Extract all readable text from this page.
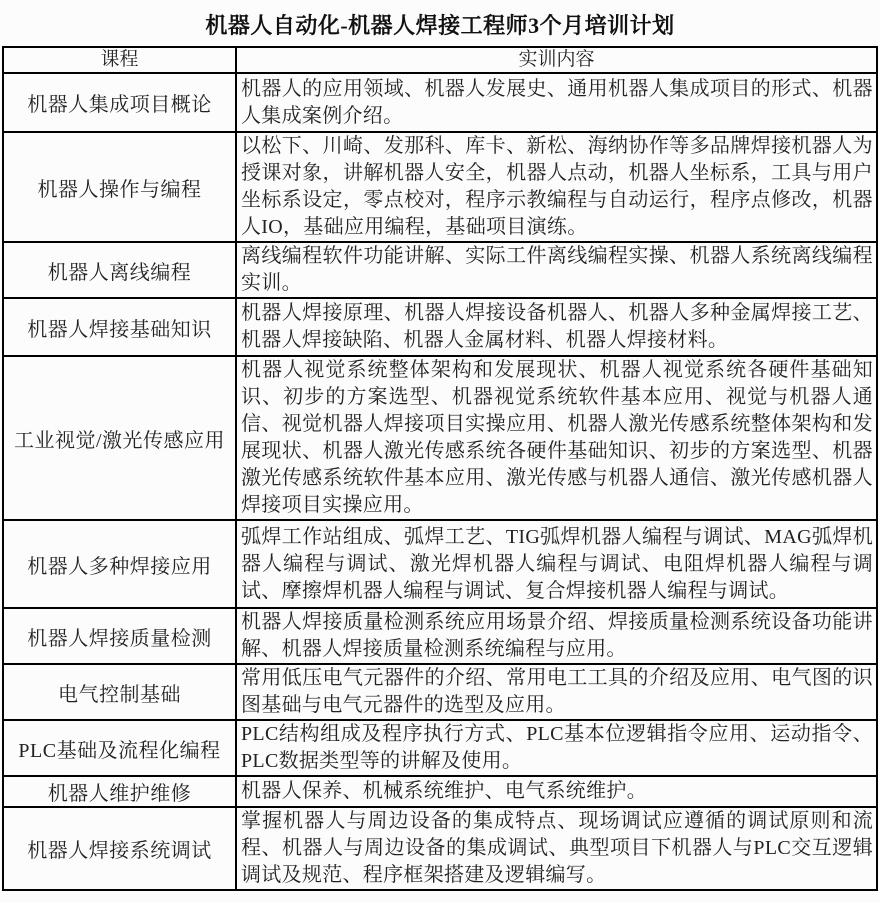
机器人自动化-机器人焊接工程师3个月培训计划
课程	实训内容
机器人集成项目概论	机器人的应用领域、机器人发展史、通用机器人集成项目的形式、机器人集成案例介绍。
机器人操作与编程	以松下、川崎、发那科、库卡、新松、海纳协作等多品牌焊接机器人为授课对象，讲解机器人安全，机器人点动，机器人坐标系，工具与用户坐标系设定，零点校对，程序示教编程与自动运行，程序点修改，机器人IO，基础应用编程，基础项目演练。
机器人离线编程	离线编程软件功能讲解、实际工件离线编程实操、机器人系统离线编程实训。
机器人焊接基础知识	机器人焊接原理、机器人焊接设备机器人、机器人多种金属焊接工艺、机器人焊接缺陷、机器人金属材料、机器人焊接材料。
工业视觉/激光传感应用	机器人视觉系统整体架构和发展现状、机器人视觉系统各硬件基础知识、初步的方案选型、机器视觉系统软件基本应用、视觉与机器人通信、视觉机器人焊接项目实操应用、机器人激光传感系统整体架构和发展现状、机器人激光传感系统各硬件基础知识、初步的方案选型、机器激光传感系统软件基本应用、激光传感与机器人通信、激光传感机器人焊接项目实操应用。
机器人多种焊接应用	弧焊工作站组成、弧焊工艺、TIG弧焊机器人编程与调试、MAG弧焊机器人编程与调试、激光焊机器人编程与调试、电阻焊机器人编程与调试、摩擦焊机器人编程与调试、复合焊接机器人编程与调试。
机器人焊接质量检测	机器人焊接质量检测系统应用场景介绍、焊接质量检测系统设备功能讲解、机器人焊接质量检测系统编程与应用。
电气控制基础	常用低压电气元器件的介绍、常用电工工具的介绍及应用、电气图的识图基础与电气元器件的选型及应用。
PLC基础及流程化编程	PLC结构组成及程序执行方式、PLC基本位逻辑指令应用、运动指令、PLC数据类型等的讲解及使用。
机器人维护维修	机器人保养、机械系统维护、电气系统维护。
机器人焊接系统调试	掌握机器人与周边设备的集成特点、现场调试应遵循的调试原则和流程、机器人与周边设备的集成调试、典型项目下机器人与PLC交互逻辑调试及规范、程序框架搭建及逻辑编写。
